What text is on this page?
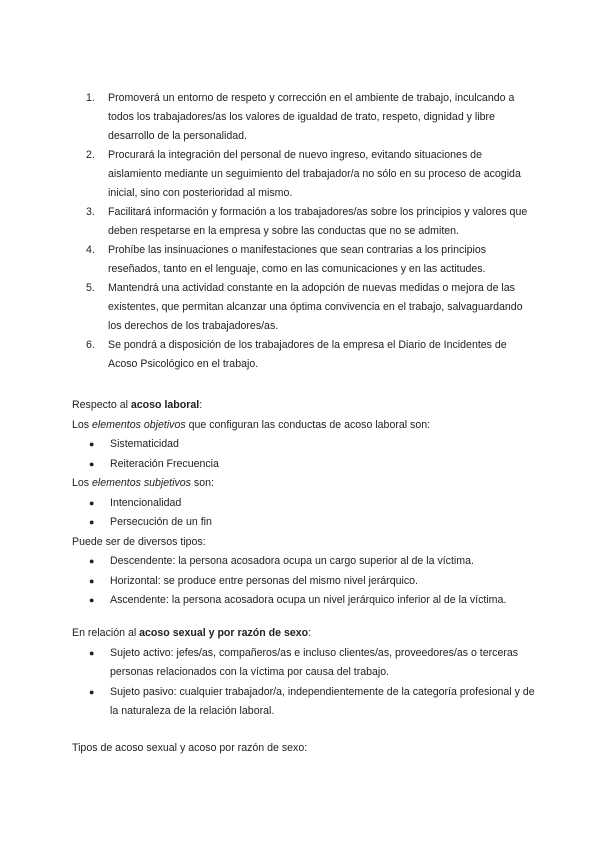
1. Promoverá un entorno de respeto y corrección en el ambiente de trabajo, inculcando a todos los trabajadores/as los valores de igualdad de trato, respeto, dignidad y libre desarrollo de la personalidad.
2. Procurará la integración del personal de nuevo ingreso, evitando situaciones de aislamiento mediante un seguimiento del trabajador/a no sólo en su proceso de acogida inicial, sino con posterioridad al mismo.
3. Facilitará información y formación a los trabajadores/as sobre los principios y valores que deben respetarse en la empresa y sobre las conductas que no se admiten.
4. Prohíbe las insinuaciones o manifestaciones que sean contrarias a los principios reseñados, tanto en el lenguaje, como en las comunicaciones y en las actitudes.
5. Mantendrá una actividad constante en la adopción de nuevas medidas o mejora de las existentes, que permitan alcanzar una óptima convivencia en el trabajo, salvaguardando los derechos de los trabajadores/as.
6. Se pondrá a disposición de los trabajadores de la empresa el Diario de Incidentes de Acoso Psicológico en el trabajo.
Respecto al acoso laboral:
Los elementos objetivos que configuran las conductas de acoso laboral son:
● Sistematicidad
● Reiteración Frecuencia
Los elementos subjetivos son:
● Intencionalidad
● Persecución de un fin
Puede ser de diversos tipos:
● Descendente: la persona acosadora ocupa un cargo superior al de la víctima.
● Horizontal: se produce entre personas del mismo nivel jerárquico.
● Ascendente: la persona acosadora ocupa un nivel jerárquico inferior al de la víctima.
En relación al acoso sexual y por razón de sexo:
● Sujeto activo: jefes/as, compañeros/as e incluso clientes/as, proveedores/as o terceras personas relacionados con la víctima por causa del trabajo.
● Sujeto pasivo: cualquier trabajador/a, independientemente de la categoría profesional y de la naturaleza de la relación laboral.
Tipos de acoso sexual y acoso por razón de sexo:
